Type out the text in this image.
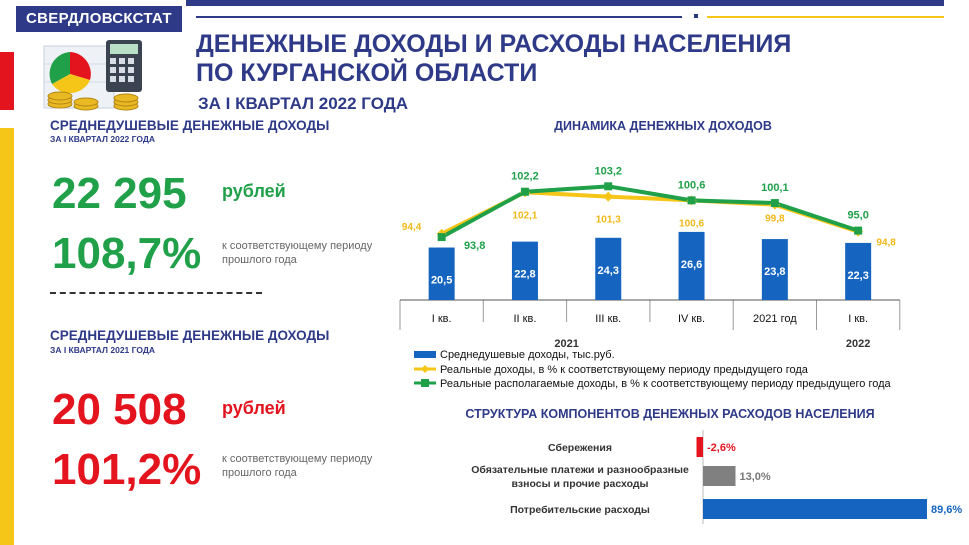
СВЕРДЛОВСКСТАТ
ДЕНЕЖНЫЕ ДОХОДЫ И РАСХОДЫ НАСЕЛЕНИЯ
ПО КУРГАНСКОЙ ОБЛАСТИ
ЗА I КВАРТАЛ 2022 ГОДА
СРЕДНЕДУШЕВЫЕ ДЕНЕЖНЫЕ ДОХОДЫ
ЗА I КВАРТАЛ 2022 ГОДА
22 295 рублей
108,7% к соответствующему периоду прошлого года
СРЕДНЕДУШЕВЫЕ ДЕНЕЖНЫЕ ДОХОДЫ
ЗА I КВАРТАЛ 2021 ГОДА
20 508 рублей
101,2% к соответствующему периоду прошлого года
ДИНАМИКА ДЕНЕЖНЫХ ДОХОДОВ
20,5	22,8	24,3	26,6
23,8	22,3
94,4
102,1	101,3	100,6	99,8
94,8
93,8
102,2	103,2
100,6	100,1
95,0
I кв.	II кв.	III кв.	IV кв.	2021 год	I кв.
2021	2022
Среднедушевые доходы, тыс.руб.
Реальные доходы, в % к соответствующему периоду предыдущего года
Реальные располагаемые доходы, в % к соответствующему периоду предыдущего года
СТРУКТУРА КОМПОНЕНТОВ ДЕНЕЖНЫХ РАСХОДОВ НАСЕЛЕНИЯ
Сбережения	-2,6%
Обязательные платежи и разнообразные
взносы и прочие расходы
13,0%
Потребительские расходы	89,6%
